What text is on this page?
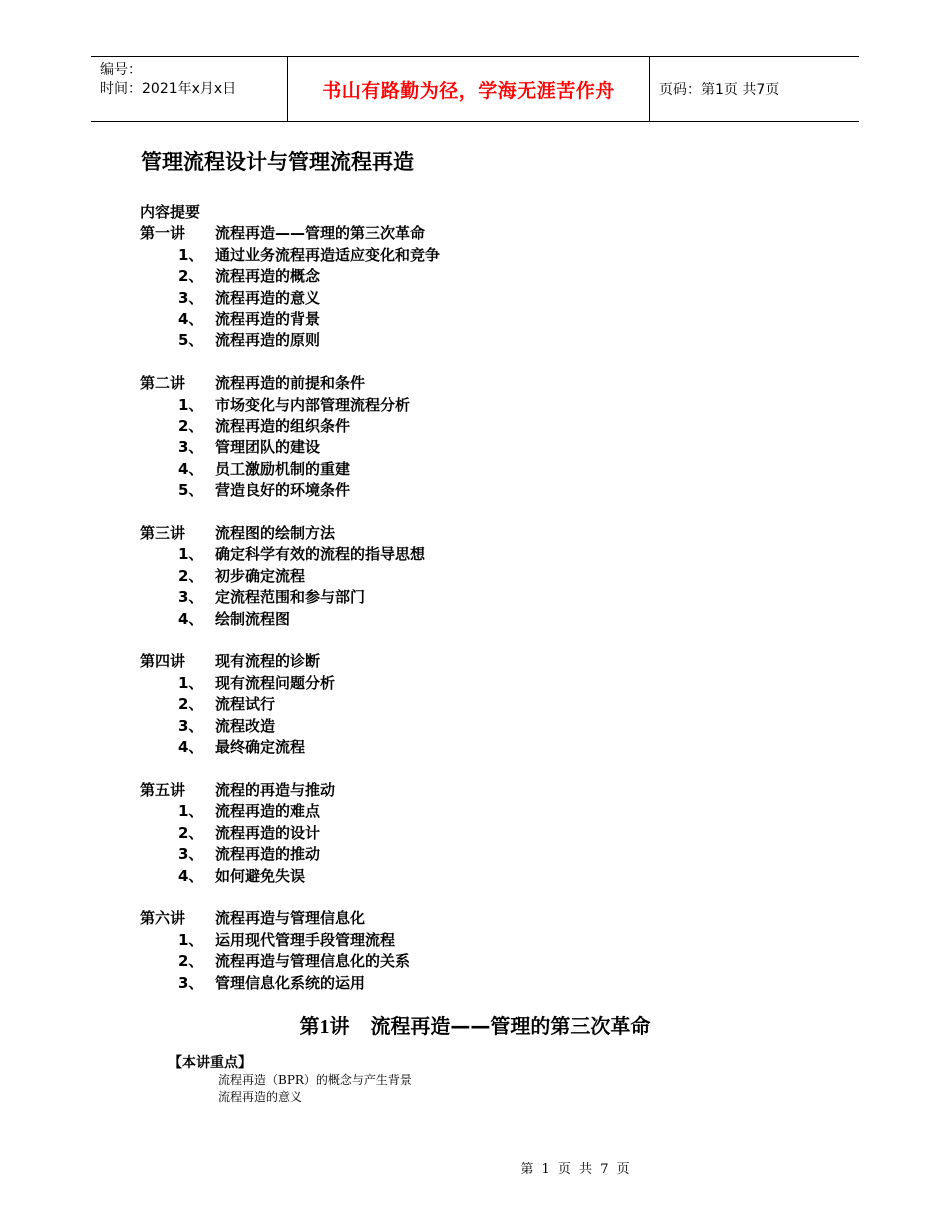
编号：
时间：2021年x月x日	书山有路勤为径，学海无涯苦作舟	页码：第1页 共7页
管理流程设计与管理流程再造
内容提要
第一讲	流程再造——管理的第三次革命
1、 通过业务流程再造适应变化和竞争
2、 流程再造的概念
3、 流程再造的意义
4、 流程再造的背景
5、 流程再造的原则
第二讲	流程再造的前提和条件
1、 市场变化与内部管理流程分析
2、 流程再造的组织条件
3、 管理团队的建设
4、 员工激励机制的重建
5、 营造良好的环境条件
第三讲	流程图的绘制方法
1、 确定科学有效的流程的指导思想
2、 初步确定流程
3、 定流程范围和参与部门
4、 绘制流程图
第四讲	现有流程的诊断
1、 现有流程问题分析
2、 流程试行
3、 流程改造
4、 最终确定流程
第五讲	流程的再造与推动
1、 流程再造的难点
2、 流程再造的设计
3、 流程再造的推动
4、 如何避免失误
第六讲	流程再造与管理信息化
1、 运用现代管理手段管理流程
2、 流程再造与管理信息化的关系
3、 管理信息化系统的运用
第1讲 流程再造——管理的第三次革命
【本讲重点】
流程再造（BPR）的概念与产生背景
流程再造的意义
第 1 页 共 7 页
